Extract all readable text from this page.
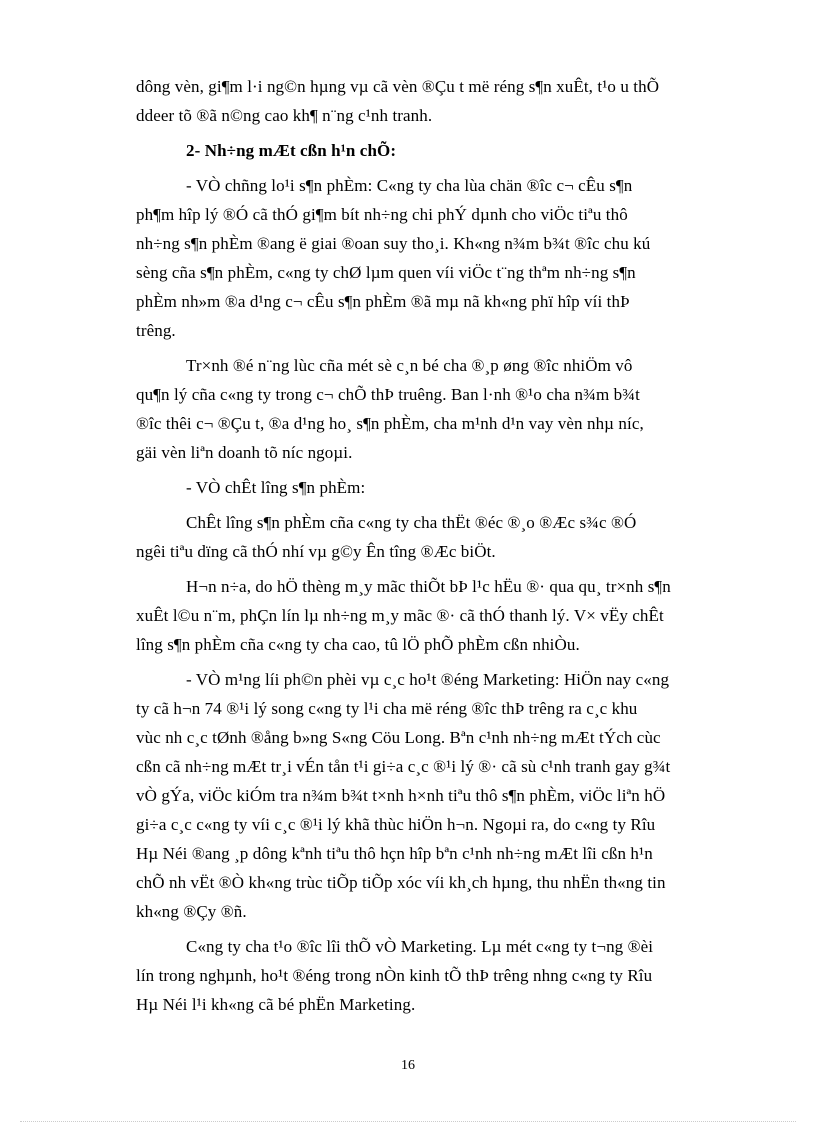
dông vèn, gi¶m l·i ng©n hµng vµ cã vèn ®Çu t më réng s¶n xuÊt, t¹o u thÕ
ddeer tõ ®ã n©ng cao kh¶ n¨ng c¹nh tranh.
2- Nh÷ng mÆt cßn h¹n chÕ:
- VÒ chñng lo¹i s¶n phÈm: C«ng ty cha lùa chän ®îc c¬ cÊu s¶n
ph¶m hîp lý ®Ó cã thÓ gi¶m bít nh÷ng chi phÝ dµnh cho viÖc tiªu thô
nh÷ng s¶n phÈm ®ang ë giai ®oan suy tho¸i. Kh«ng n¾m b¾t ®îc chu kú
sèng cña s¶n phÈm, c«ng ty chØ lµm quen víi viÖc t¨ng thªm nh÷ng s¶n
phÈm nh»m ®a d¹ng c¬ cÊu s¶n phÈm ®ã mµ nã kh«ng phï hîp víi thÞ
trêng.
Tr×nh ®é n¨ng lùc cña mét sè c¸n bé cha ®¸p øng ®îc nhiÖm vô
qu¶n lý cña c«ng ty trong c¬ chÕ thÞ truêng. Ban l·nh ®¹o cha n¾m b¾t
®îc thêi c¬ ®Çu t, ®a d¹ng ho¸ s¶n phÈm, cha m¹nh d¹n vay vèn nhµ níc,
gäi vèn liªn doanh tõ níc ngoµi.
- VÒ chÊt lîng s¶n phÈm:
ChÊt lîng s¶n phÈm cña c«ng ty cha thËt ®éc ®¸o ®Æc s¾c ®Ó
ngêi tiªu dïng cã thÓ nhí vµ g©y Ên tîng ®Æc biÖt.
H¬n n÷a, do hÖ thèng m¸y mãc thiÕt bÞ l¹c hËu ®· qua qu¸ tr×nh s¶n
xuÊt l©u n¨m, phÇn lín lµ nh÷ng m¸y mãc ®· cã thÓ thanh lý. V× vËy chÊt
lîng s¶n phÈm cña c«ng ty cha cao, tû lÖ phÕ phÈm cßn nhiÒu.
- VÒ m¹ng líi ph©n phèi vµ c¸c ho¹t ®éng Marketing: HiÖn nay c«ng
ty cã h¬n 74 ®¹i lý song c«ng ty l¹i cha më réng ®îc thÞ trêng ra c¸c khu
vùc nh c¸c tØnh ®ång b»ng S«ng Cöu Long. Bªn c¹nh nh÷ng mÆt tÝch cùc
cßn cã nh÷ng mÆt tr¸i vÉn tån t¹i gi÷a c¸c ®¹i lý ®· cã sù c¹nh tranh gay g¾t
vÒ gÝa, viÖc kiÓm tra n¾m b¾t t×nh h×nh tiªu thô s¶n phÈm, viÖc liªn hÖ
gi÷a c¸c c«ng ty víi c¸c ®¹i lý khã thùc hiÖn h¬n. Ngoµi ra, do c«ng ty Rîu
Hµ Néi ®ang ¸p dông kªnh tiªu thô hçn hîp bªn c¹nh nh÷ng mÆt lîi cßn h¹n
chÕ nh vËt ®Ò kh«ng trùc tiÕp tiÕp xóc víi kh¸ch hµng, thu nhËn th«ng tin
kh«ng ®Çy ®ñ.
C«ng ty cha t¹o ®îc lîi thÕ vÒ Marketing. Lµ mét c«ng ty t¬ng ®èi
lín trong nghµnh, ho¹t ®éng trong nÒn kinh tÕ thÞ trêng nhng c«ng ty Rîu
Hµ Néi l¹i kh«ng cã bé phËn Marketing.
16
